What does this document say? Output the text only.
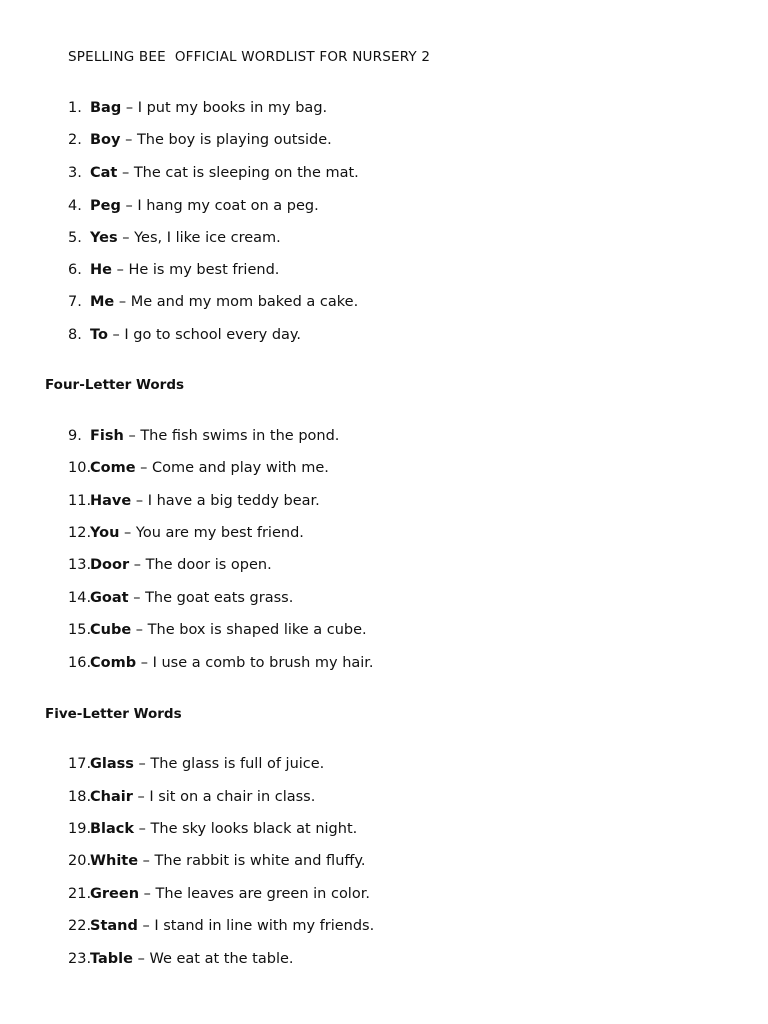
SPELLING BEE  OFFICIAL WORDLIST FOR NURSERY 2
1. Bag – I put my books in my bag.
2. Boy – The boy is playing outside.
3. Cat – The cat is sleeping on the mat.
4. Peg – I hang my coat on a peg.
5. Yes – Yes, I like ice cream.
6. He – He is my best friend.
7. Me – Me and my mom baked a cake.
8. To – I go to school every day.
Four-Letter Words
9. Fish – The fish swims in the pond.
10.Come – Come and play with me.
11.Have – I have a big teddy bear.
12.You – You are my best friend.
13.Door – The door is open.
14.Goat – The goat eats grass.
15.Cube – The box is shaped like a cube.
16.Comb – I use a comb to brush my hair.
Five-Letter Words
17.Glass – The glass is full of juice.
18.Chair – I sit on a chair in class.
19.Black – The sky looks black at night.
20.White – The rabbit is white and fluffy.
21.Green – The leaves are green in color.
22.Stand – I stand in line with my friends.
23.Table – We eat at the table.
